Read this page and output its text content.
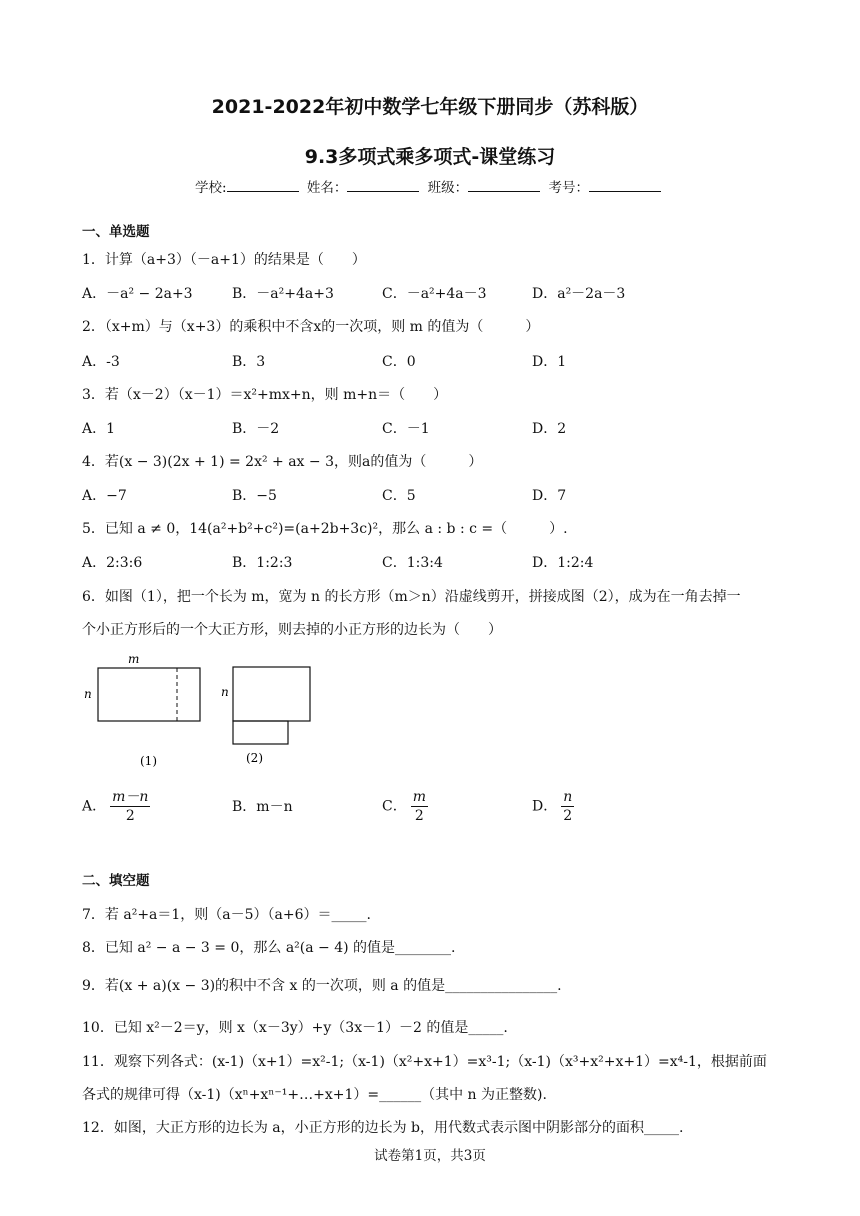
2021-2022年初中数学七年级下册同步（苏科版）
9.3多项式乘多项式-课堂练习
学校:	姓名：	班级：	考号：
一、单选题
1．计算（a+3）（－a+1）的结果是（　　）
A．－a² − 2a+3	B．－a²+4a+3	C．－a²+4a－3	D．a²－2a－3
2．（x+m）与（x+3）的乘积中不含x的一次项，则 m 的值为（　　　）
A．-3	B．3	C．0	D．1
3．若（x－2）（x－1）＝x²+mx+n，则 m+n＝（　　）
A．1	B．－2	C．－1	D．2
4．若(x − 3)(2x + 1) = 2x² + ax − 3，则a的值为（　　　）
A．−7	B．−5	C．5	D．7
5．已知 a ≠ 0，14(a²+b²+c²)=(a+2b+3c)²，那么 a : b : c =（　　　）.
A．2:3:6	B．1:2:3	C．1:3:4	D．1:2:4
6．如图（1），把一个长为 m，宽为 n 的长方形（m＞n）沿虚线剪开，拼接成图（2），成为在一角去掉一
个小正方形后的一个大正方形，则去掉的小正方形的边长为（　　）
m
n	n
(1)	(2)
A． $\frac{m-n}{2}$	B．m－n	C． $\frac{m}{2}$	D． $\frac{n}{2}$
二、填空题
7．若 a²+a＝1，则（a－5）（a+6）＝_____.
8．已知 a² − a − 3 = 0，那么 a²(a − 4) 的值是________.
9．若(x + a)(x − 3)的积中不含 x 的一次项，则 a 的值是________________.
10．已知 x²－2＝y，则 x（x－3y）+y（3x－1）－2 的值是_____.
11．观察下列各式：(x-1)（x+1）=x²-1;（x-1)（x²+x+1）=x³-1;（x-1)（x³+x²+x+1）=x⁴-1，根据前面
各式的规律可得（x-1)（xⁿ+xⁿ⁻¹+…+x+1）=______（其中 n 为正整数).
12．如图，大正方形的边长为 a，小正方形的边长为 b，用代数式表示图中阴影部分的面积_____.
试卷第1页，共3页
